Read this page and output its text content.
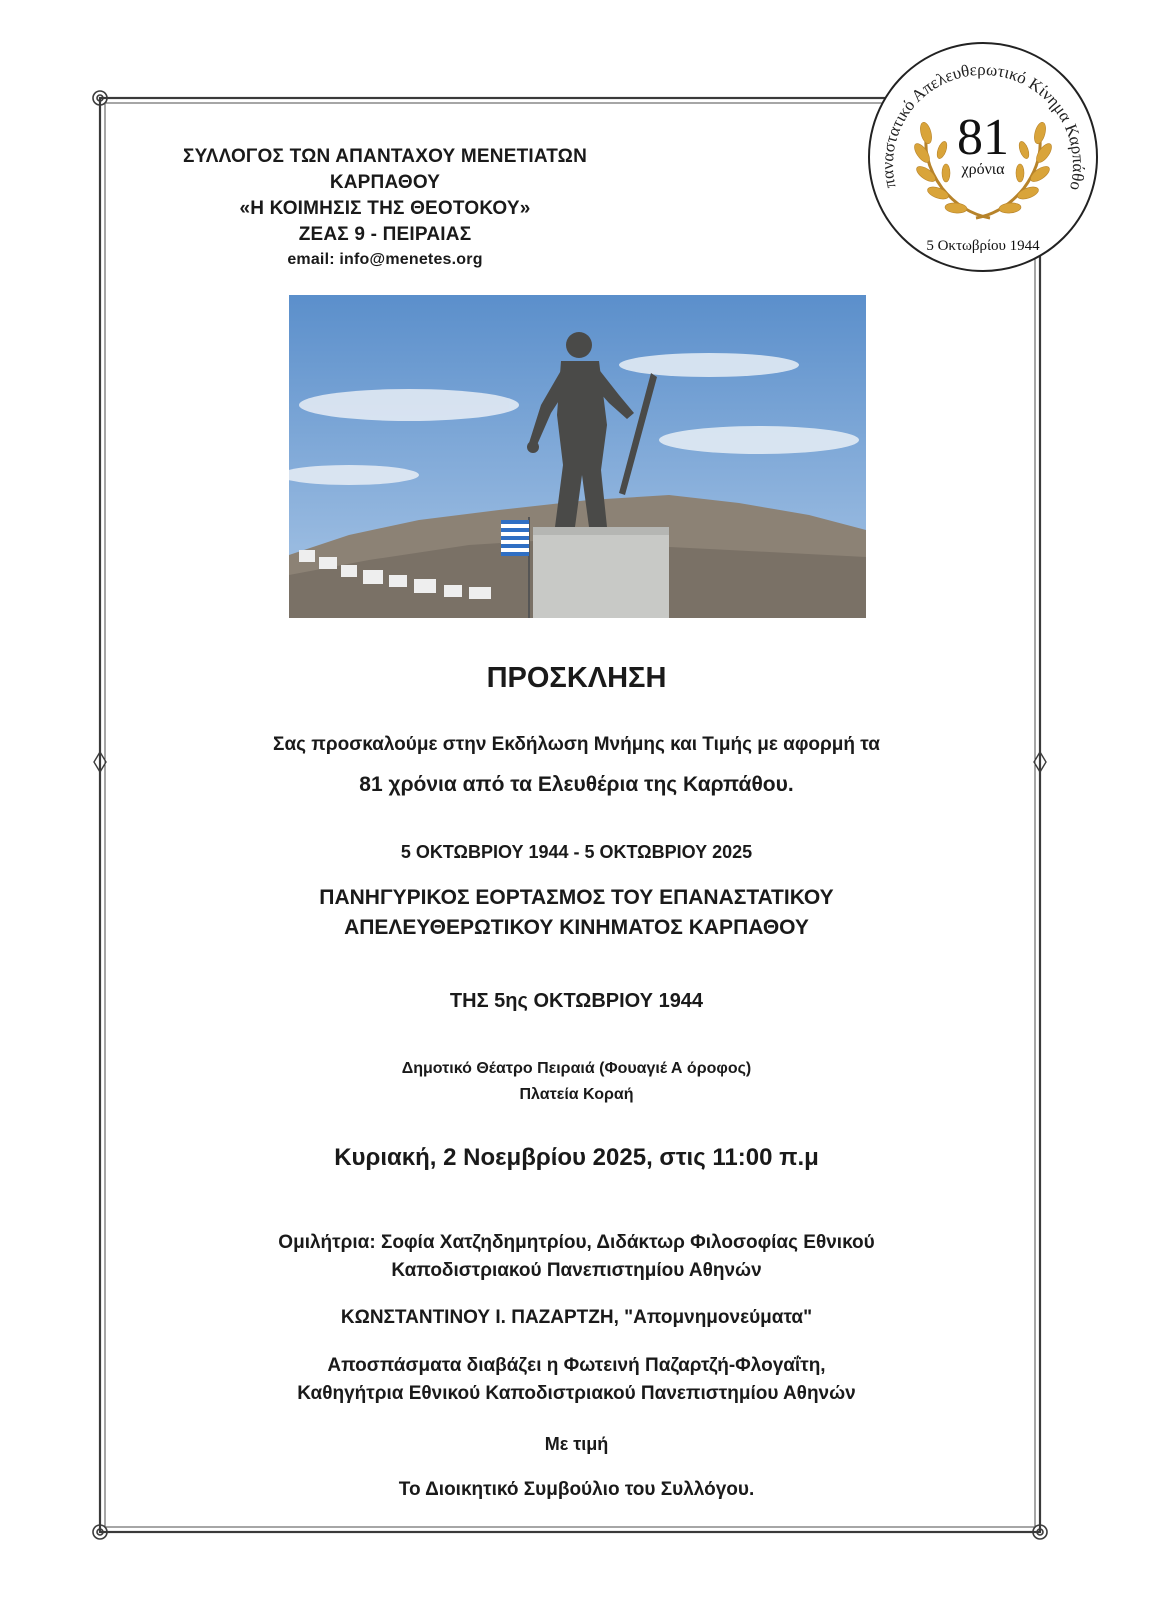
ΣΥΛΛΟΓΟΣ ΤΩΝ ΑΠΑΝΤΑΧΟΥ ΜΕΝΕΤΙΑΤΩΝ
ΚΑΡΠΑΘΟΥ
«Η ΚΟΙΜΗΣΙΣ ΤΗΣ ΘΕΟΤΟΚΟΥ»
ΖΕΑΣ 9 - ΠΕΙΡΑΙΑΣ
email: info@menetes.org
παναστατικό Απελευθερωτικό Κίνημα Καρπάθο
81
χρόνια
5 Οκτωβρίου 1944
ΠΡΟΣΚΛΗΣΗ
Σας προσκαλούμε στην Εκδήλωση Μνήμης και Τιμής με αφορμή τα
81 χρόνια από τα Ελευθέρια της Καρπάθου.
5 ΟΚΤΩΒΡΙΟΥ 1944 - 5 ΟΚΤΩΒΡΙΟΥ 2025
ΠΑΝΗΓΥΡΙΚΟΣ ΕΟΡΤΑΣΜΟΣ ΤΟΥ ΕΠΑΝΑΣΤΑΤΙΚΟΥ
ΑΠΕΛΕΥΘΕΡΩΤΙΚΟΥ ΚΙΝΗΜΑΤΟΣ ΚΑΡΠΑΘΟΥ
ΤΗΣ 5ης ΟΚΤΩΒΡΙΟΥ 1944
Δημοτικό Θέατρο Πειραιά (Φουαγιέ Α όροφος)
Πλατεία Κοραή
Κυριακή, 2 Νοεμβρίου 2025, στις 11:00 π.μ
Ομιλήτρια: Σοφία Χατζηδημητρίου, Διδάκτωρ Φιλοσοφίας Εθνικού
Καποδιστριακού Πανεπιστημίου Αθηνών
ΚΩΝΣΤΑΝΤΙΝΟΥ Ι. ΠΑΖΑΡΤΖΗ, "Απομνημονεύματα"
Αποσπάσματα διαβάζει η Φωτεινή Παζαρτζή-Φλογαΐτη,
Καθηγήτρια Εθνικού Καποδιστριακού Πανεπιστημίου Αθηνών
Με τιμή
Το Διοικητικό Συμβούλιο του Συλλόγου.
